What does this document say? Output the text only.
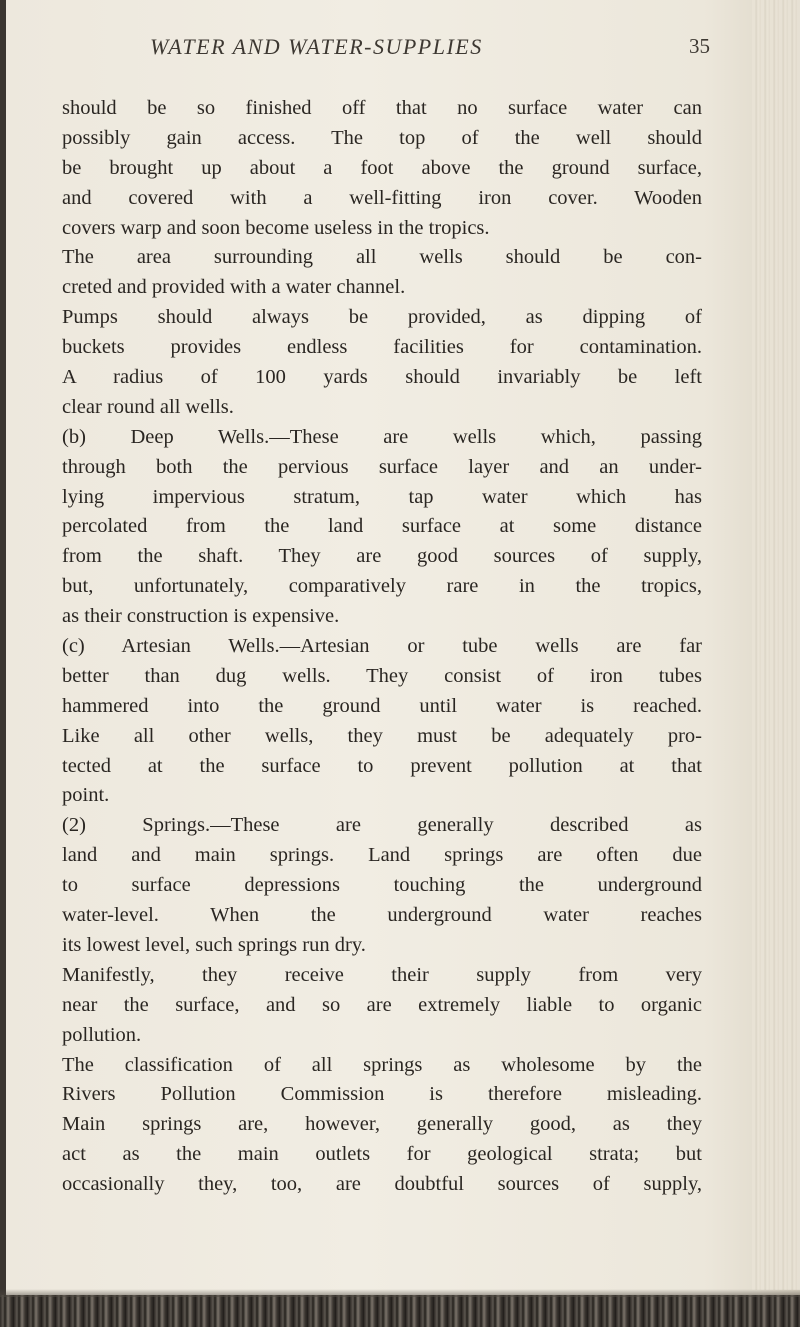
WATER AND WATER-SUPPLIES	35
should be so finished off that no surface water can
possibly gain access. The top of the well should
be brought up about a foot above the ground surface,
and covered with a well-fitting iron cover. Wooden
covers warp and soon become useless in the tropics.
The area surrounding all wells should be con-
creted and provided with a water channel.
Pumps should always be provided, as dipping of
buckets provides endless facilities for contamination.
A radius of 100 yards should invariably be left
clear round all wells.
(b) Deep Wells.—These are wells which, passing
through both the pervious surface layer and an under-
lying impervious stratum, tap water which has
percolated from the land surface at some distance
from the shaft. They are good sources of supply,
but, unfortunately, comparatively rare in the tropics,
as their construction is expensive.
(c) Artesian Wells.—Artesian or tube wells are far
better than dug wells. They consist of iron tubes
hammered into the ground until water is reached.
Like all other wells, they must be adequately pro-
tected at the surface to prevent pollution at that
point.
(2) Springs.—These are generally described as
land and main springs. Land springs are often due
to surface depressions touching the underground
water-level. When the underground water reaches
its lowest level, such springs run dry.
Manifestly, they receive their supply from very
near the surface, and so are extremely liable to organic
pollution.
The classification of all springs as wholesome by the
Rivers Pollution Commission is therefore misleading.
Main springs are, however, generally good, as they
act as the main outlets for geological strata; but
occasionally they, too, are doubtful sources of supply,
